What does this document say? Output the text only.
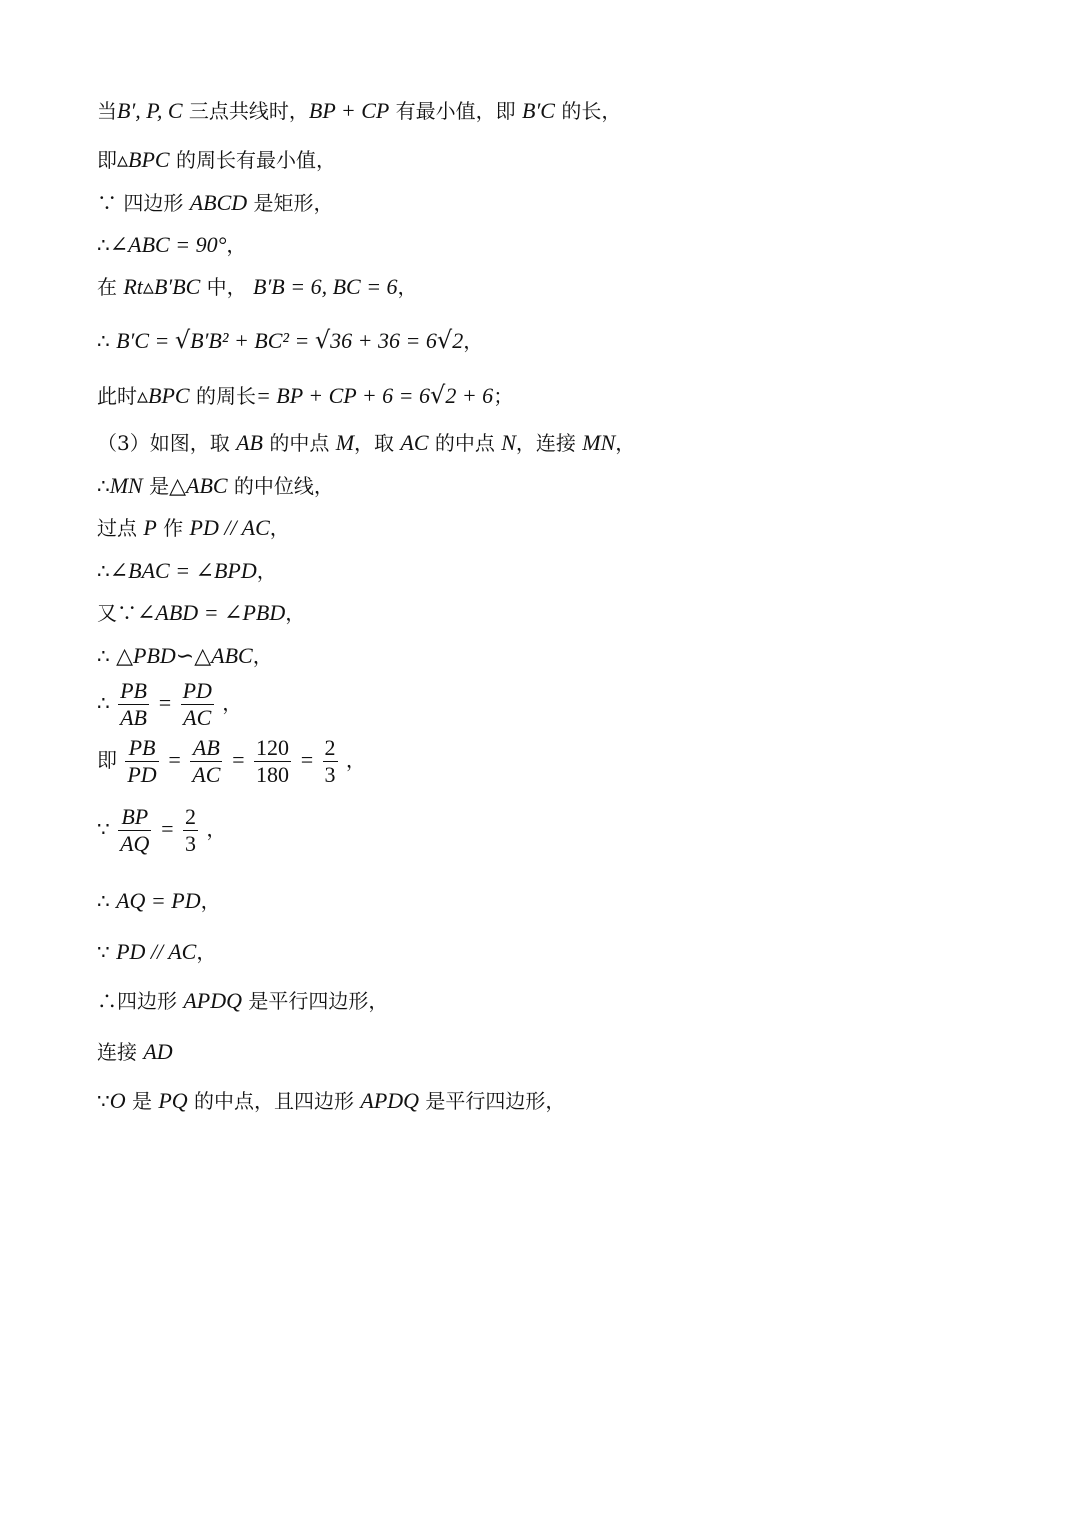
当B′, P, C 三点共线时，BP + CP 有最小值，即 B′C 的长，
即▵BPC 的周长有最小值，
∵ 四边形 ABCD 是矩形，
∴∠ABC = 90°，
在 Rt▵B′BC 中， B′B = 6, BC = 6，
∴ B′C = √B′B² + BC² = √36 + 36 = 6√2，
此时▵BPC 的周长= BP + CP + 6 = 6√2 + 6；
（3）如图，取 AB 的中点 M，取 AC 的中点 N，连接 MN，
∴MN 是△ABC 的中位线，
过点 P 作 PD // AC，
∴∠BAC = ∠BPD，
又∵∠ABD = ∠PBD，
∴ △PBD∽△ABC，
∴ $\frac{PB}{AB} = \frac{PD}{AC}$ ，
即 $\frac{PB}{PD} = \frac{AB}{AC} = \frac{120}{180} = \frac{2}{3}$ ，
∵ $\frac{BP}{AQ} = \frac{2}{3}$ ，
∴ AQ = PD，
∵ PD // AC，
∴四边形 APDQ 是平行四边形，
连接 AD
∵O 是 PQ 的中点，且四边形 APDQ 是平行四边形，
